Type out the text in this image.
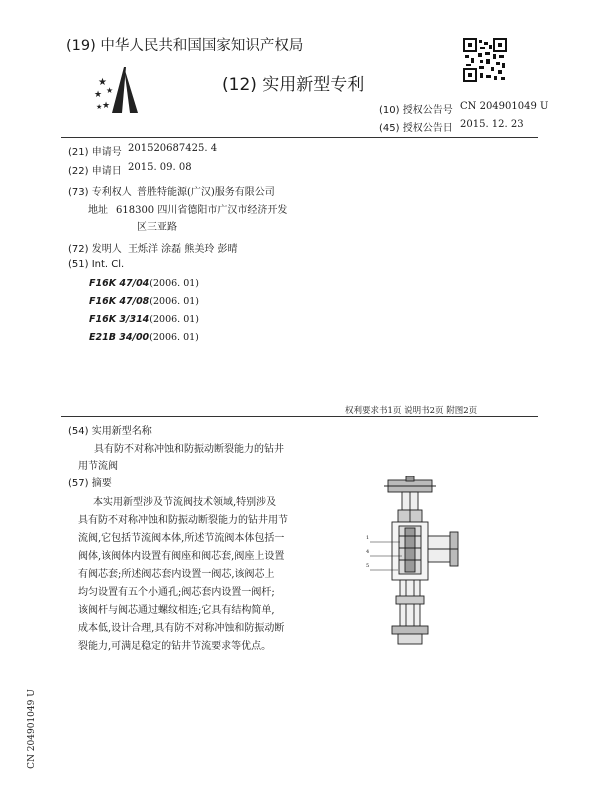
★
★
★
★
★
(19) 中华人民共和国国家知识产权局
(12) 实用新型专利
(10) 授权公告号 CN 204901049 U
(45) 授权公告日 2015. 12. 23
(21) 申请号 201520687425. 4
(22) 申请日 2015. 09. 08
(73) 专利权人 普胜特能源(广汉)服务有限公司
地址 618300 四川省德阳市广汉市经济开发
区三亚路
(72) 发明人 王烁洋 涂磊 熊美玲 彭晴
(51) Int. Cl.
F16K 47/04(2006. 01)
F16K 47/08(2006. 01)
F16K 3/314(2006. 01)
E21B 34/00(2006. 01)
权利要求书1页 说明书2页 附图2页
(54) 实用新型名称
具有防不对称冲蚀和防振动断裂能力的钻井
用节流阀
(57) 摘要
本实用新型涉及节流阀技术领域,特别涉及
具有防不对称冲蚀和防振动断裂能力的钻井用节
流阀,它包括节流阀本体,所述节流阀本体包括一
阀体,该阀体内设置有阀座和阀芯套,阀座上设置
有阀芯套;所述阀芯套内设置一阀芯,该阀芯上
均匀设置有五个小通孔;阀芯套内设置一阀杆;
该阀杆与阀芯通过螺纹相连;它具有结构简单,
成本低,设计合理,具有防不对称冲蚀和防振动断
裂能力,可满足稳定的钻井节流要求等优点。
1
4
5
CN 204901049 U
